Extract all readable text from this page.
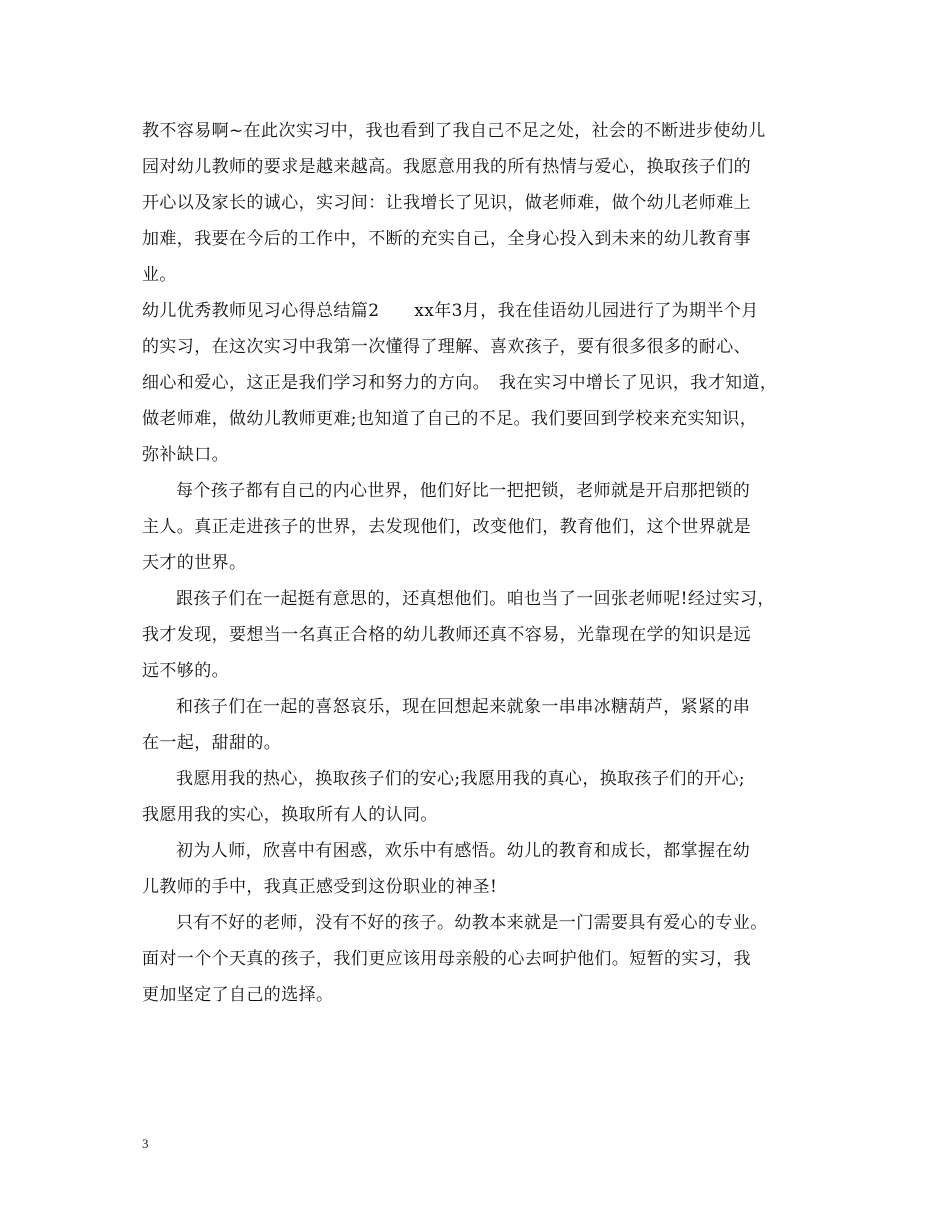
教不容易啊~在此次实习中，我也看到了我自己不足之处，社会的不断进步使幼儿
园对幼儿教师的要求是越来越高。我愿意用我的所有热情与爱心，换取孩子们的
开心以及家长的诚心，实习间：让我增长了见识，做老师难，做个幼儿老师难上
加难，我要在今后的工作中，不断的充实自己，全身心投入到未来的幼儿教育事
业。
幼儿优秀教师见习心得总结篇2　　xx年3月，我在佳语幼儿园进行了为期半个月
的实习，在这次实习中我第一次懂得了理解、喜欢孩子，要有很多很多的耐心、
细心和爱心，这正是我们学习和努力的方向。　我在实习中增长了见识，我才知道，
做老师难，做幼儿教师更难;也知道了自己的不足。我们要回到学校来充实知识，
弥补缺口。
每个孩子都有自己的内心世界，他们好比一把把锁，老师就是开启那把锁的
主人。真正走进孩子的世界，去发现他们，改变他们，教育他们，这个世界就是
天才的世界。
跟孩子们在一起挺有意思的，还真想他们。咱也当了一回张老师呢!经过实习，
我才发现，要想当一名真正合格的幼儿教师还真不容易，光靠现在学的知识是远
远不够的。
和孩子们在一起的喜怒哀乐，现在回想起来就象一串串冰糖葫芦，紧紧的串
在一起，甜甜的。
我愿用我的热心，换取孩子们的安心;我愿用我的真心，换取孩子们的开心;
我愿用我的实心，换取所有人的认同。
初为人师，欣喜中有困惑，欢乐中有感悟。幼儿的教育和成长，都掌握在幼
儿教师的手中，我真正感受到这份职业的神圣!
只有不好的老师，没有不好的孩子。幼教本来就是一门需要具有爱心的专业。
面对一个个天真的孩子，我们更应该用母亲般的心去呵护他们。短暂的实习，我
更加坚定了自己的选择。
3
